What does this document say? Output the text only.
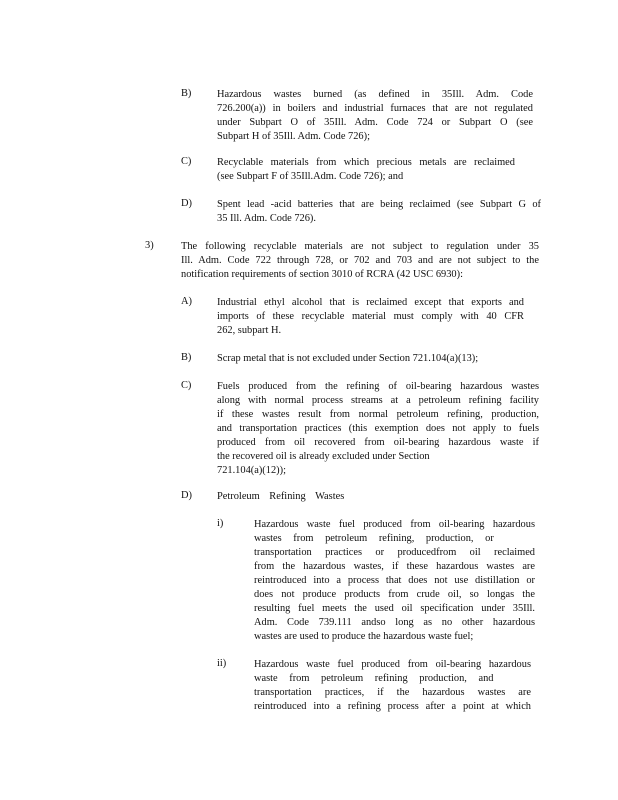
B) Hazardous wastes burned (as defined in 35Ill. Adm. Code
726.200(a)) in boilers and industrial furnaces that are not regulated
under Subpart O of 35Ill. Adm. Code 724 or Subpart O (see
Subpart H of 35Ill. Adm. Code 726);
C) Recyclable materials from which precious metals are reclaimed
(see Subpart F of 35Ill.Adm. Code 726); and
D) Spent lead -acid batteries that are being reclaimed (see Subpart G of
35 Ill. Adm. Code 726).
3)	The following recyclable materials are not subject to regulation under 35
Ill. Adm. Code 722 through 728, or 702 and 703 and are not subject to the
notification requirements of section 3010 of RCRA (42 USC 6930):
A) Industrial ethyl alcohol that is reclaimed except that exports and
imports of these recyclable material must comply with 40 CFR
262, subpart H.
B) Scrap metal that is not excluded under Section 721.104(a)(13);
C) Fuels produced from the refining of oil-bearing hazardous wastes
along with normal process streams at a petroleum refining facility
if these wastes result from normal petroleum refining, production,
and transportation practices (this exemption does not apply to fuels
produced from oil recovered from oil-bearing hazardous waste if
the recovered oil is already excluded under Section
721.104(a)(12));
D) Petroleum Refining Wastes
i)	Hazardous waste fuel produced from oil-bearing hazardous
wastes from petroleum refining, production, or
transportation practices or producedfrom oil reclaimed
from the hazardous wastes, if these hazardous wastes are
reintroduced into a process that does not use distillation or
does not produce products from crude oil, so longas the
resulting fuel meets the used oil specification under 35Ill.
Adm. Code 739.111 andso long as no other hazardous
wastes are used to produce the hazardous waste fuel;
ii)	Hazardous waste fuel produced from oil-bearing hazardous
waste from petroleum refining production, and
transportation practices, if the hazardous wastes are
reintroduced into a refining process after a point at which
